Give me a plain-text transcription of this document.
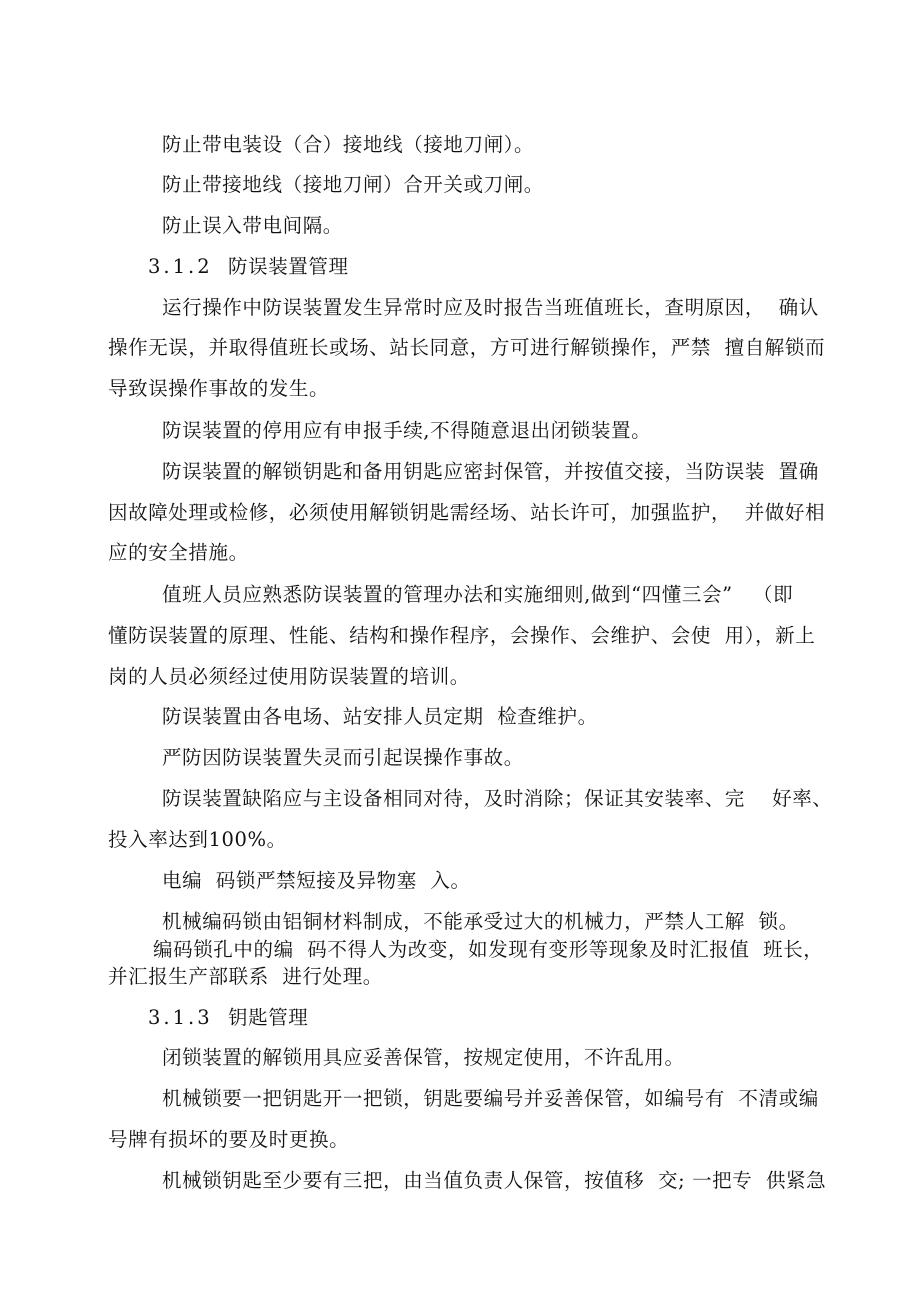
防止带电装设（合）接地线（接地刀闸）。
防止带接地线（接地刀闸）合开关或刀闸。
防止误入带电间隔。
3.1.2 防误装置管理
运行操作中防误装置发生异常时应及时报告当班值班长，查明原因，  确认
操作无误，并取得值班长或场、站长同意，方可进行解锁操作，严禁  擅自解锁而
导致误操作事故的发生。
防误装置的停用应有申报手续,不得随意退出闭锁装置。
防误装置的解锁钥匙和备用钥匙应密封保管，并按值交接，当防误装  置确
因故障处理或检修，必须使用解锁钥匙需经场、站长许可，加强监护，  并做好相
应的安全措施。
值班人员应熟悉防误装置的管理办法和实施细则,做到“四懂三会”   （即
懂防误装置的原理、性能、结构和操作程序，会操作、会维护、会使  用），新上
岗的人员必须经过使用防误装置的培训。
防误装置由各电场、站安排人员定期  检查维护。
严防因防误装置失灵而引起误操作事故。
防误装置缺陷应与主设备相同对待，及时消除；保证其安装率、完    好率、
投入率达到100%。
电编  码锁严禁短接及异物塞  入。
机械编码锁由铝铜材料制成，不能承受过大的机械力，严禁人工解  锁。
编码锁孔中的编  码不得人为改变，如发现有变形等现象及时汇报值  班长，
并汇报生产部联系  进行处理。
3.1.3 钥匙管理
闭锁装置的解锁用具应妥善保管，按规定使用，不许乱用。
机械锁要一把钥匙开一把锁，钥匙要编号并妥善保管，如编号有  不清或编
号牌有损坏的要及时更换。
机械锁钥匙至少要有三把，由当值负责人保管，按值移  交; 一把专  供紧急
